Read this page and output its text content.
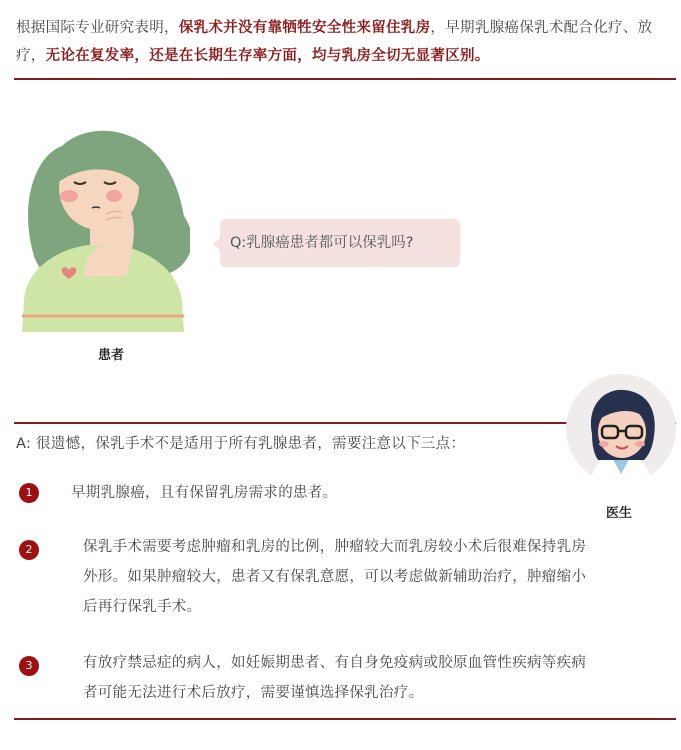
根据国际专业研究表明，保乳术并没有靠牺牲安全性来留住乳房，早期乳腺癌保乳术配合化疗、放疗，无论在复发率，还是在长期生存率方面，均与乳房全切无显著区别。
Q:乳腺癌患者都可以保乳吗?
患者
医生
A: 很遗憾，保乳手术不是适用于所有乳腺患者，需要注意以下三点：
1	早期乳腺癌，且有保留乳房需求的患者。
2	保乳手术需要考虑肿瘤和乳房的比例，肿瘤较大而乳房较小术后很难保持乳房
外形。如果肿瘤较大，患者又有保乳意愿，可以考虑做新辅助治疗，肿瘤缩小
后再行保乳手术。
3	有放疗禁忌症的病人，如妊娠期患者、有自身免疫病或胶原血管性疾病等疾病
者可能无法进行术后放疗，需要谨慎选择保乳治疗。
